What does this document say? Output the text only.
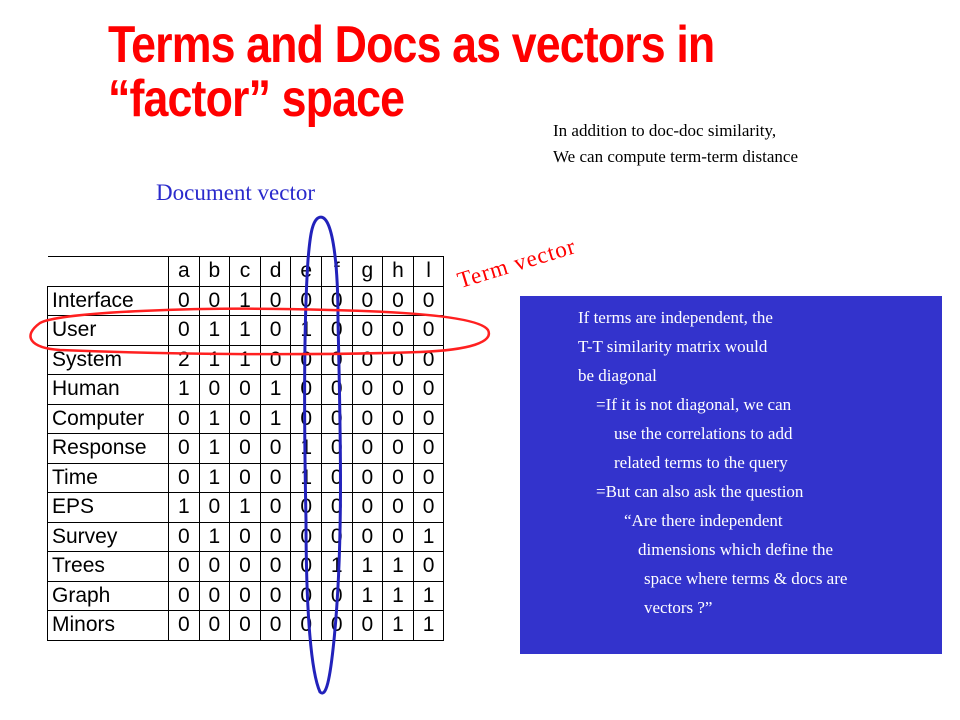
Terms and Docs as vectors in
“factor” space
In addition to doc-doc similarity,
We can compute term-term distance
Document vector
	a	b	c	d	e	f	g	h	l
Interface	0	0	1	0	0	0	0	0	0
User	0	1	1	0	1	0	0	0	0
System	2	1	1	0	0	0	0	0	0
Human	1	0	0	1	0	0	0	0	0
Computer	0	1	0	1	0	0	0	0	0
Response	0	1	0	0	1	0	0	0	0
Time	0	1	0	0	1	0	0	0	0
EPS	1	0	1	0	0	0	0	0	0
Survey	0	1	0	0	0	0	0	0	1
Trees	0	0	0	0	0	1	1	1	0
Graph	0	0	0	0	0	0	1	1	1
Minors	0	0	0	0	0	0	0	1	1
Term vector
If terms are independent, the
T-T similarity matrix would
be diagonal
=If it is not diagonal, we can
use the correlations to add
related terms to the query
=But can also ask the question
“Are there independent
dimensions which define the
space where terms & docs are
vectors ?”
